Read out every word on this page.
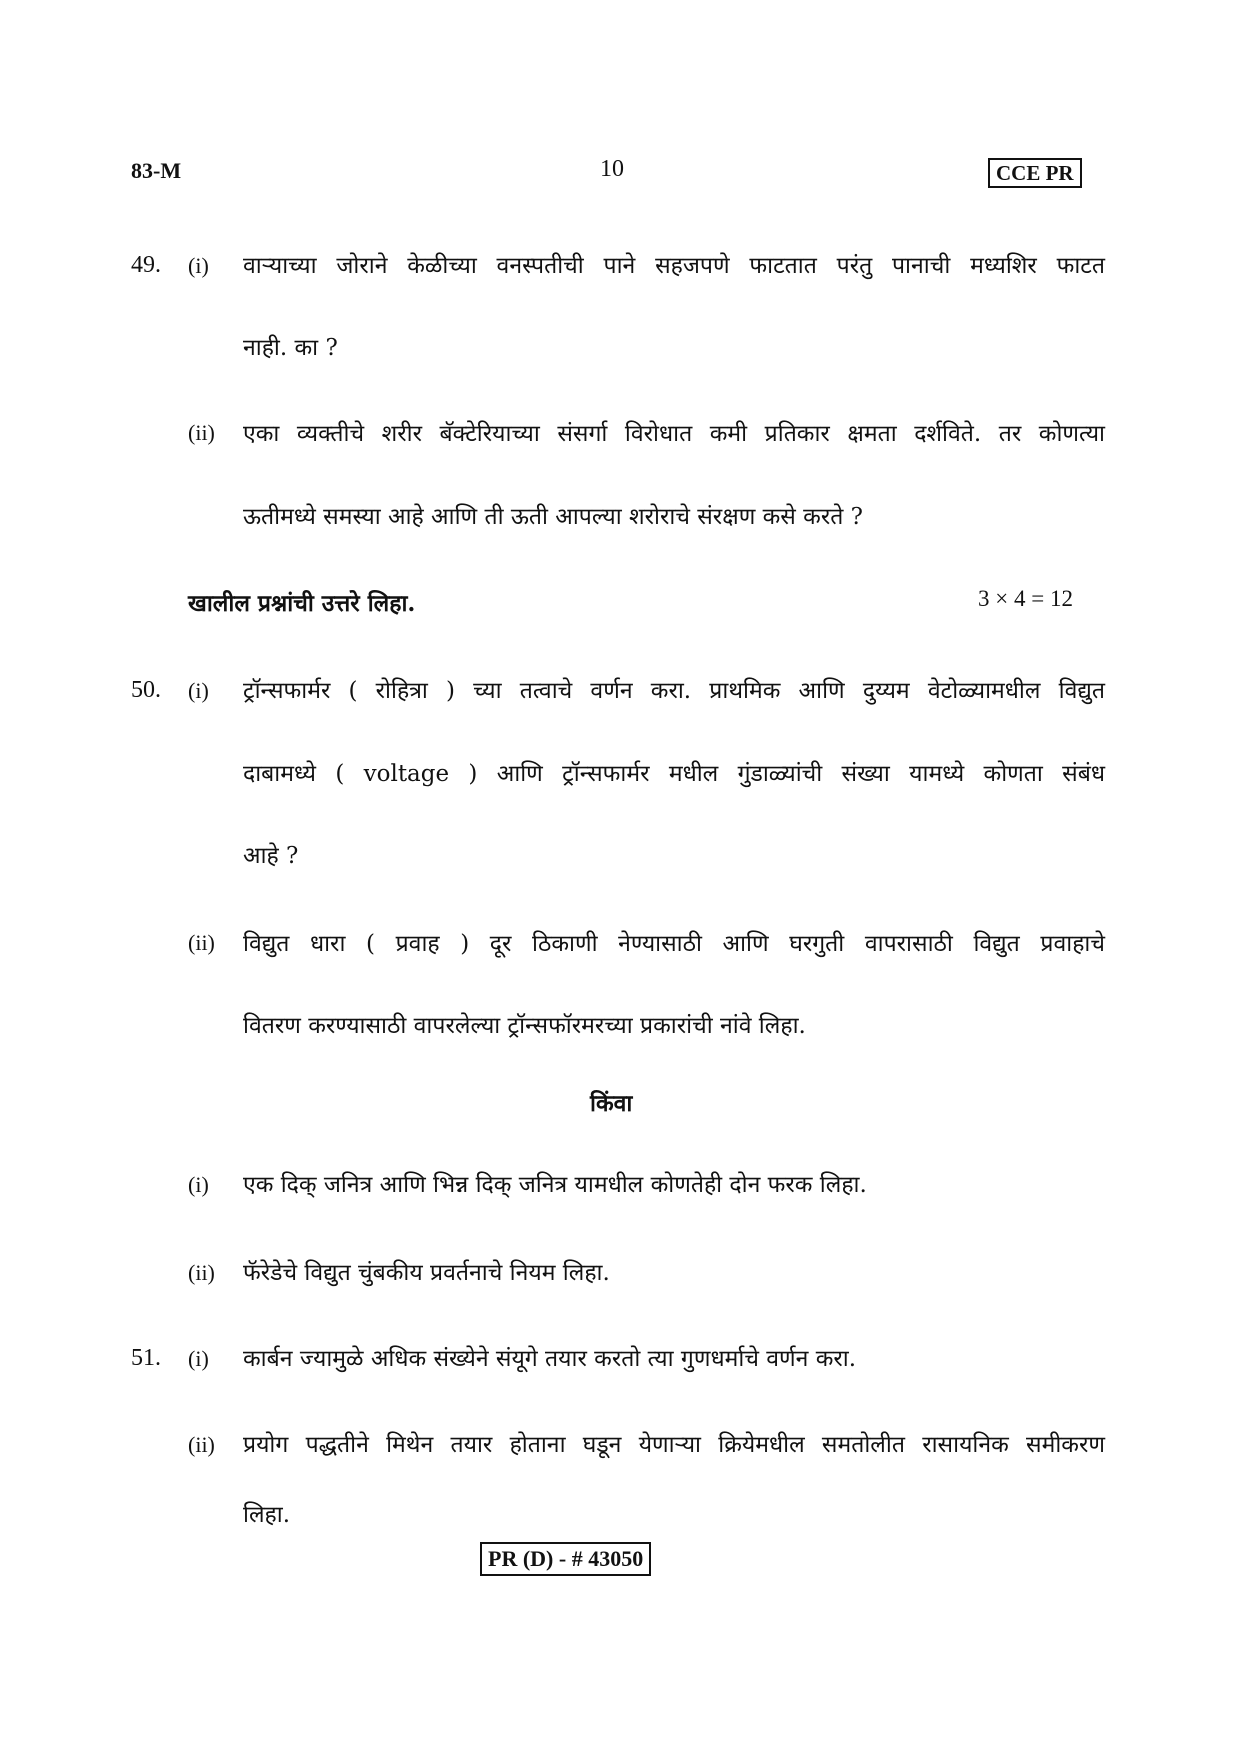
83-M	10	CCE PR
49. (i) वाऱ्याच्या जोराने केळीच्या वनस्पतीची पाने सहजपणे फाटतात परंतु पानाची मध्यशिर फाटत
नाही. का ?
(ii) एका व्यक्तीचे शरीर बॅक्टेरियाच्या संसर्गा विरोधात कमी प्रतिकार क्षमता दर्शविते. तर कोणत्या
ऊतीमध्ये समस्या आहे आणि ती ऊती आपल्या शरोराचे संरक्षण कसे करते ?
खालील प्रश्नांची उत्तरे लिहा.	3 × 4 = 12
50. (i) ट्रॉन्सफार्मर ( रोहित्रा ) च्या तत्वाचे वर्णन करा. प्राथमिक आणि दुय्यम वेटोळ्यामधील विद्युत
दाबामध्ये ( voltage ) आणि ट्रॉन्सफार्मर मधील गुंडाळ्यांची संख्या यामध्ये कोणता संबंध
आहे ?
(ii) विद्युत धारा ( प्रवाह ) दूर ठिकाणी नेण्यासाठी आणि घरगुती वापरासाठी विद्युत प्रवाहाचे
वितरण करण्यासाठी वापरलेल्या ट्रॉन्सफॉरमरच्या प्रकारांची नांवे लिहा.
किंवा
(i) एक दिक् जनित्र आणि भिन्न दिक् जनित्र यामधील कोणतेही दोन फरक लिहा.
(ii) फॅरेडेचे विद्युत चुंबकीय प्रवर्तनाचे नियम लिहा.
51. (i) कार्बन ज्यामुळे अधिक संख्येने संयूगे तयार करतो त्या गुणधर्माचे वर्णन करा.
(ii) प्रयोग पद्धतीने मिथेन तयार होताना घडून येणाऱ्या क्रियेमधील समतोलीत रासायनिक समीकरण
लिहा.
PR (D) - # 43050
